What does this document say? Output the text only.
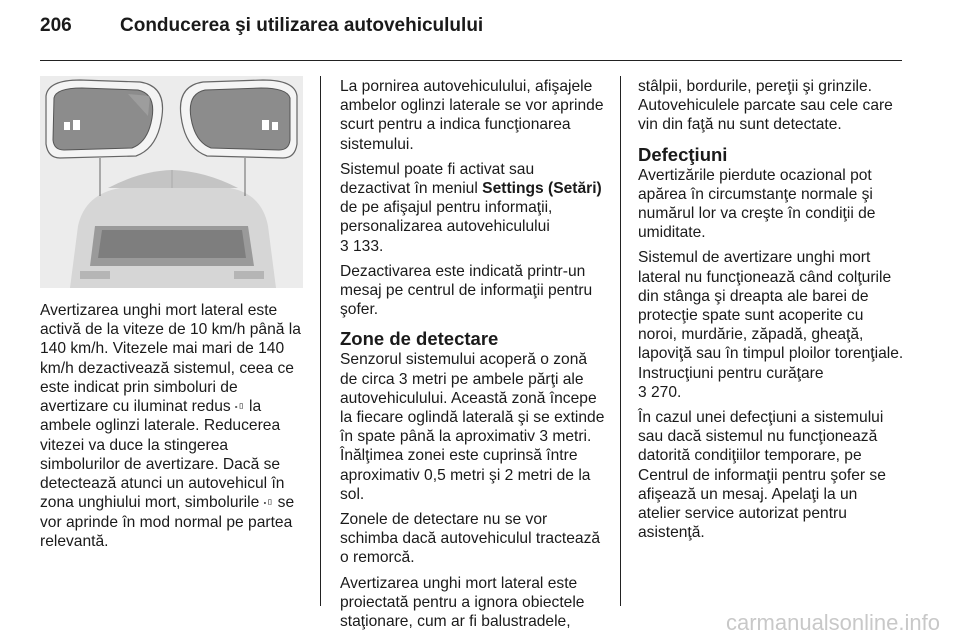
206	Conducerea şi utilizarea autovehiculului

Avertizarea unghi mort lateral este activă de la viteze de 10 km/h până la 140 km/h. Vitezele mai mari de 140 km/h dezactivează sistemul, ceea ce este indicat prin simboluri de avertizare cu iluminat redus ⬞▯ la ambele oglinzi laterale. Reducerea vitezei va duce la stingerea simbolurilor de avertizare. Dacă se detectează atunci un autovehicul în zona unghiului mort, simbolurile ⬞▯ se vor aprinde în mod normal pe partea relevantă.

La pornirea autovehiculului, afişajele ambelor oglinzi laterale se vor aprinde scurt pentru a indica funcţionarea sistemului.

Sistemul poate fi activat sau dezactivat în meniul Settings (Setări) de pe afişajul pentru informaţii, personalizarea autovehiculului
3 133.

Dezactivarea este indicată printr-un mesaj pe centrul de informaţii pentru şofer.

Zone de detectare

Senzorul sistemului acoperă o zonă de circa 3 metri pe ambele părţi ale autovehiculului. Această zonă începe la fiecare oglindă laterală şi se extinde în spate până la aproximativ 3 metri. Înălţimea zonei este cuprinsă între aproximativ 0,5 metri şi 2 metri de la sol.

Zonele de detectare nu se vor schimba dacă autovehiculul tractează o remorcă.

Avertizarea unghi mort lateral este proiectată pentru a ignora obiectele staţionare, cum ar fi balustradele,

stâlpii, bordurile, pereţii şi grinzile. Autovehiculele parcate sau cele care vin din faţă nu sunt detectate.

Defecţiuni

Avertizările pierdute ocazional pot apărea în circumstanţe normale şi numărul lor va creşte în condiţii de umiditate.

Sistemul de avertizare unghi mort lateral nu funcţionează când colţurile din stânga şi dreapta ale barei de protecţie spate sunt acoperite cu noroi, murdărie, zăpadă, gheaţă, lapoviţă sau în timpul ploilor torenţiale. Instrucţiuni pentru curăţare
3 270.

În cazul unei defecţiuni a sistemului sau dacă sistemul nu funcţionează datorită condiţiilor temporare, pe Centrul de informaţii pentru şofer se afişează un mesaj. Apelaţi la un atelier service autorizat pentru asistenţă.

carmanualsonline.info
